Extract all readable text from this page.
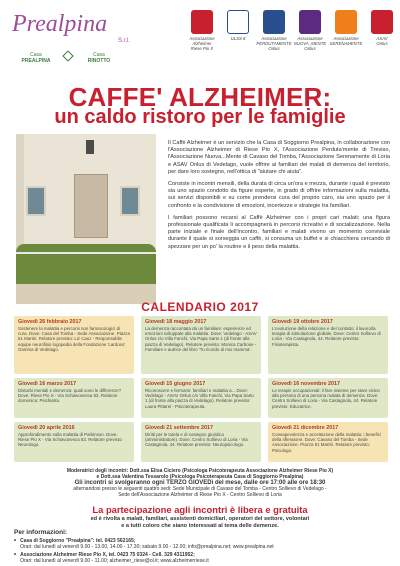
Prealpina
S.r.l.
Casa
PREALPINA
Casa
RINOTTO
Associazione
Alzheimer
Riese Pio X
ULSS 8	Associazione
PERDUTAMENTE
Onlus
Associazione
NUOVA_MENTE
Onlus
Associazione
SERENAMENTE
ASAV
Onlus
CAFFE' ALZHEIMER:
un caldo ristoro per le famiglie

Il Caffè Alzheimer è un servizio che la Casa di Soggiorno Prealpina, in collaborazione con l'Associazione Alzheimer di Riese Pio X, l'Associazione Perduta'mente di Treviso, l'Associazione Nuova...Mente di Cavaso del Tomba, l'Associazione Serenamente di Loria e ASAV Onlus di Vedelago, vuole offrire ai familiari dei malati di demenza del territorio, per dare loro sostegno, nell'ottica di "aiutare chi aiuta".

Consiste in incontri mensili, della durata di circa un'ora e mezza, durante i quali è previsto sia uno spazio condotto da figure esperte, in grado di offrire informazioni sulla malattia, sui servizi disponibili e su come prendersi cura del proprio caro, sia uno spazio per il confronto e la condivisione di emozioni, incertezze e strategie tra familiari.

I familiari possono recarsi al Caffè Alzheimer con i propri cari malati: una figura professionale qualificata li accompagnerà in percorsi ricreativi e di socializzazione. Nella parte iniziale e finale dell'incontro, familiari e malati vivono un momento conviviale durante il quale si sorseggia un caffè, si consuma un buffet e si chiacchiera cercando di spezzare per un po' la routine e il peso della malattia.

CALENDARIO 2017
Giovedì 26 febbraio 2017
Sostenere la malattia e percorsi non farmacologici di cura. Dove: Casa del Tomba - Sede Associazione. Piazza 51 Martiri. Relatore previsto: Liz Cauz - Responsabile equipe neurofisio logopedia della Fondazione 'Lardoso' Gamma di Vedelago.
Giovedì 16 marzo 2017
Disturbi mentali e demenza: quali sono le differenze? Dove: Riese Pio X - Via Schiavonesca 53. Relatore domenica: Psichiatra.
Giovedì 20 aprile 2016
Approfondimento sulla malattia di Parkinson. Dove: Riese Pio X - Via Schiavonesca 53. Relatore previsto: Neurologo.
Giovedì 18 maggio 2017
La demenza raccontata da un familiare: esperienze ed emozioni sviluppate alla malattia. Dove: Vedelago - ASAV Onlus c/o Villa Fanchi, Via Papa Sarto 1 (di fronte alla piazza di Vedelago). Relatore previsto: Monica Carbone - Familiare e autrice del libro 'Tu ricordo di mio mamma'.
Giovedì 15 giugno 2017
Riconoscere e fermarsi: familiari e malattia a... Dove: Vedelago - ASAV Onlus c/o Villa Fanchi, Via Papa Sarto 1 (di fronte alla piazza di Vedelago). Relatore previsto: Laura Pittarel - Psicoterapeuta.
Giovedì 21 settembre 2017
Diritti per le tutela e di sostegno giuridico (amministratore). Dove: Centro Sollievo di Loria - Via Castagnola, 44. Relatore previsto: Neuropsicologo.
Giovedì 19 ottobre 2017
L'evoluzione della relazione e del contatto: il lavoro/la terapia di stimolazione globale. Dove: Centro Sollievo di Loria - Via Castagnola, 44. Relatore previsto: Fisioterapista.
Giovedì 16 novembre 2017
Le terapie occupazionali: il fare insieme per stare vicino alla persona di una persona malata di demenza. Dove: Centro Sollievo di Loria - Via Castagnola, 44. Relatore previsto: Educatrice.
Giovedì 21 dicembre 2017
Consapevolezza e accettazione della malattia: i benefici della riflessione. Dove: Cavaso del Tomba - Sede Associazione. Piazza 51 Martiri. Relatore previsto: Psicologo.
Moderatrici degli incontri: Dott.ssa Elisa Ciciero (Psicologa Psicoterapeuta Associazione Alzheimer Riese Pio X)
e Dott.ssa Valentina Tessarolo (Psicologa Psicoterapeuta Casa di Soggiorno Prealpina)
Gli incontri si svolgeranno ogni TERZO GIOVEDì del mese, dalle ore 17:00 alle ore 18:30
alternandosi presso le seguenti quattro sedi: Sede Municipale di Cavaso del Tomba - Centro Sollievo di Vedelago -
Sede dell'Associazione Alzheimer di Riese Pio X - Centro Sollievo di Loria
La partecipazione agli incontri è libera e gratuita
ed è rivolta a malati, familiari, assistenti domiciliari, operatori del settore, volontari
e a tutti coloro che siano interessati al tema delle demenze.
Per informazioni:
• Casa di Soggiorno "Prealpina": tel. 0423 562165;
Orari: dal lunedì al venerdì 9.00 - 13.00, 14.00 - 17.30; sabato 9.00 - 12.00; info@prealpina.net; www.prealpina.net
• Associazione Alzheimer Riese Pio X, tel. 0423 75 0324 - Cell. 329 4311952;
Orari: dal lunedì al venerdì 9.00 - 11.00; alzheimer_riese@ol.it; www.alzheimerriese.it
